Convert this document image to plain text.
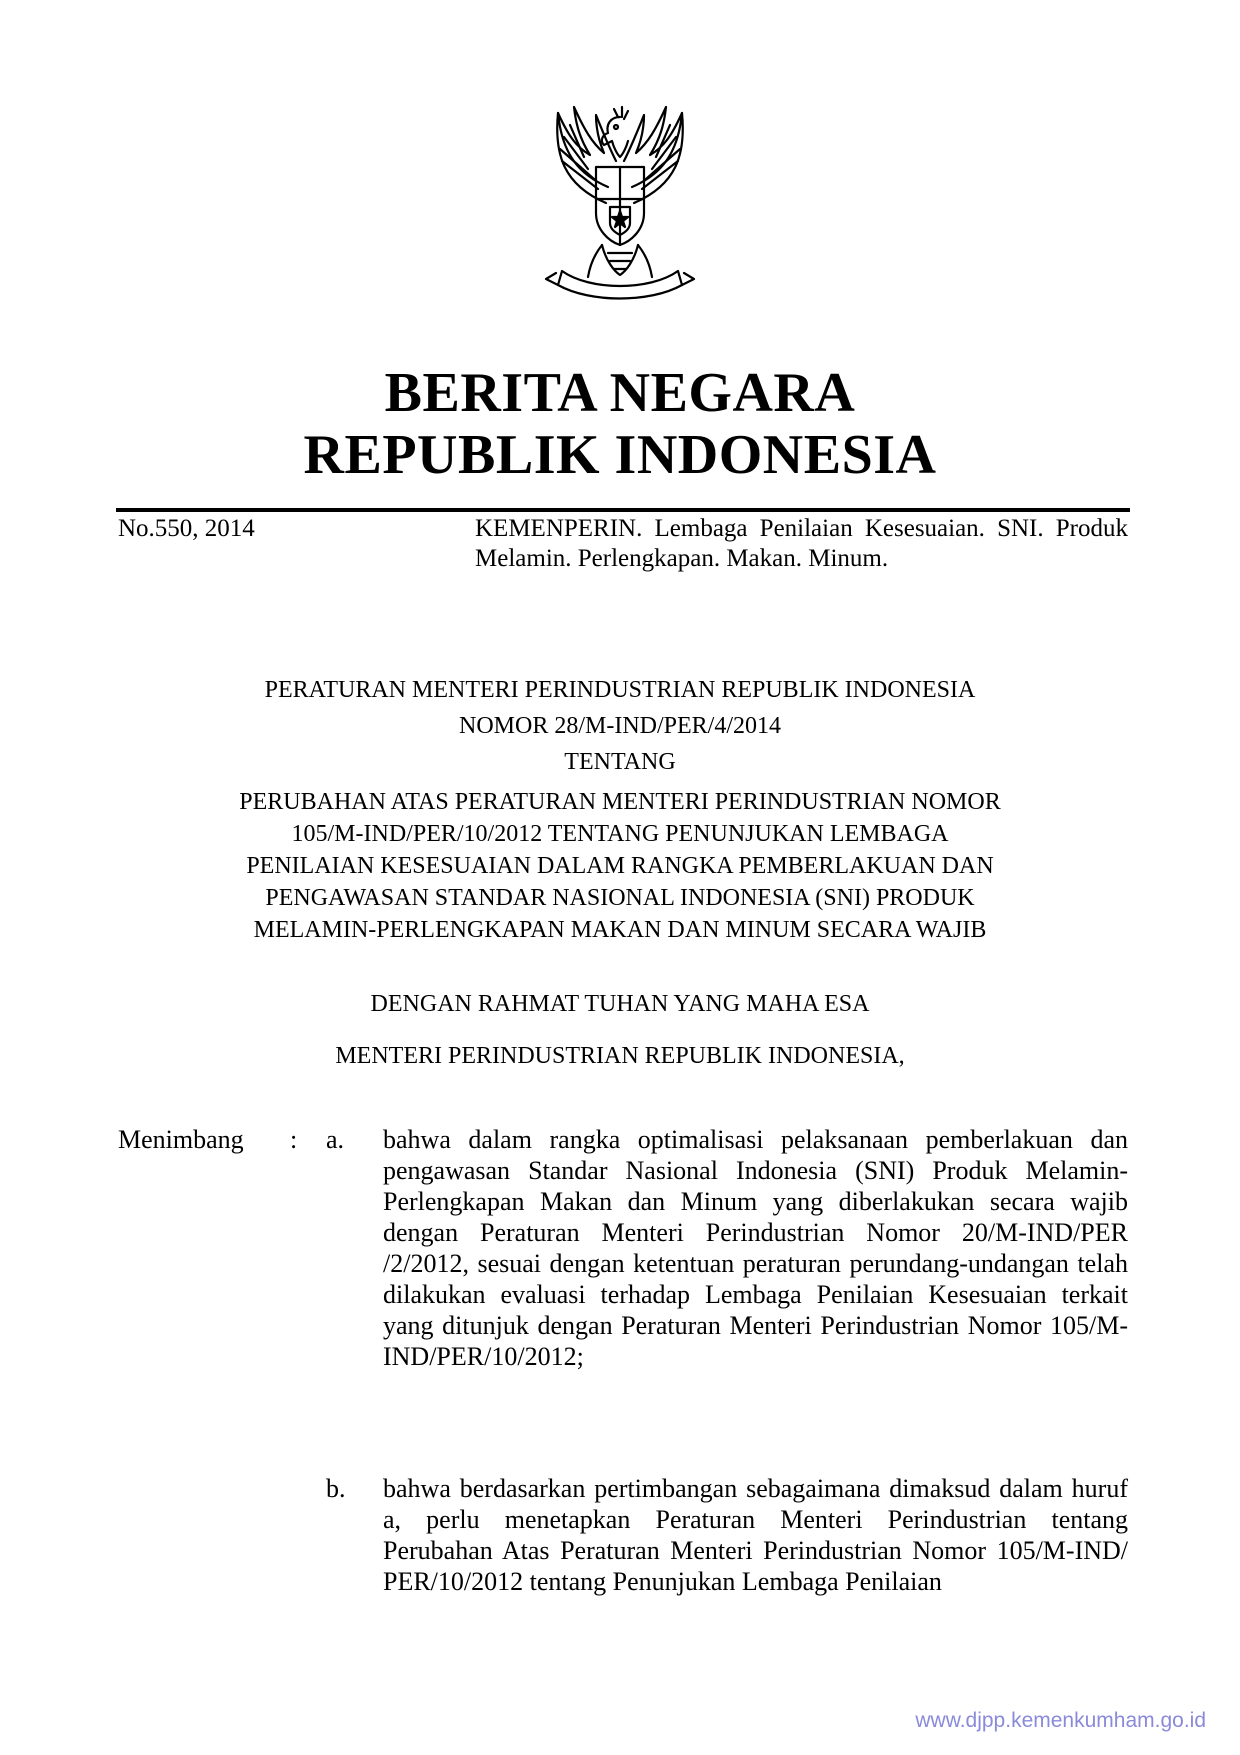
BERITA NEGARA
REPUBLIK INDONESIA
No.550, 2014	KEMENPERIN. Lembaga Penilaian Kesesuaian. SNI. Produk Melamin. Perlengkapan. Makan. Minum.
PERATURAN MENTERI PERINDUSTRIAN REPUBLIK INDONESIA
NOMOR 28/M-IND/PER/4/2014
TENTANG
PERUBAHAN ATAS PERATURAN MENTERI PERINDUSTRIAN NOMOR
105/M-IND/PER/10/2012 TENTANG PENUNJUKAN LEMBAGA
PENILAIAN KESESUAIAN DALAM RANGKA PEMBERLAKUAN DAN
PENGAWASAN STANDAR NASIONAL INDONESIA (SNI) PRODUK
MELAMIN-PERLENGKAPAN MAKAN DAN MINUM SECARA WAJIB
DENGAN RAHMAT TUHAN YANG MAHA ESA
MENTERI PERINDUSTRIAN REPUBLIK INDONESIA,
Menimbang : a. bahwa dalam rangka optimalisasi pelaksanaan pemberlakuan dan pengawasan Standar Nasional Indonesia (SNI) Produk Melamin-Perlengkapan Makan dan Minum yang diberlakukan secara wajib dengan Peraturan Menteri Perindustrian Nomor 20/M-IND/PER /2/2012, sesuai dengan ketentuan peraturan perundang-undangan telah dilakukan evaluasi terhadap Lembaga Penilaian Kesesuaian terkait yang ditunjuk dengan Peraturan Menteri Perindustrian Nomor 105/M-IND/PER/10/2012;
b. bahwa berdasarkan pertimbangan sebagaimana dimaksud dalam huruf a, perlu menetapkan Peraturan Menteri Perindustrian tentang Perubahan Atas Peraturan Menteri Perindustrian Nomor 105/M-IND/ PER/10/2012 tentang Penunjukan Lembaga Penilaian
www.djpp.kemenkumham.go.id
